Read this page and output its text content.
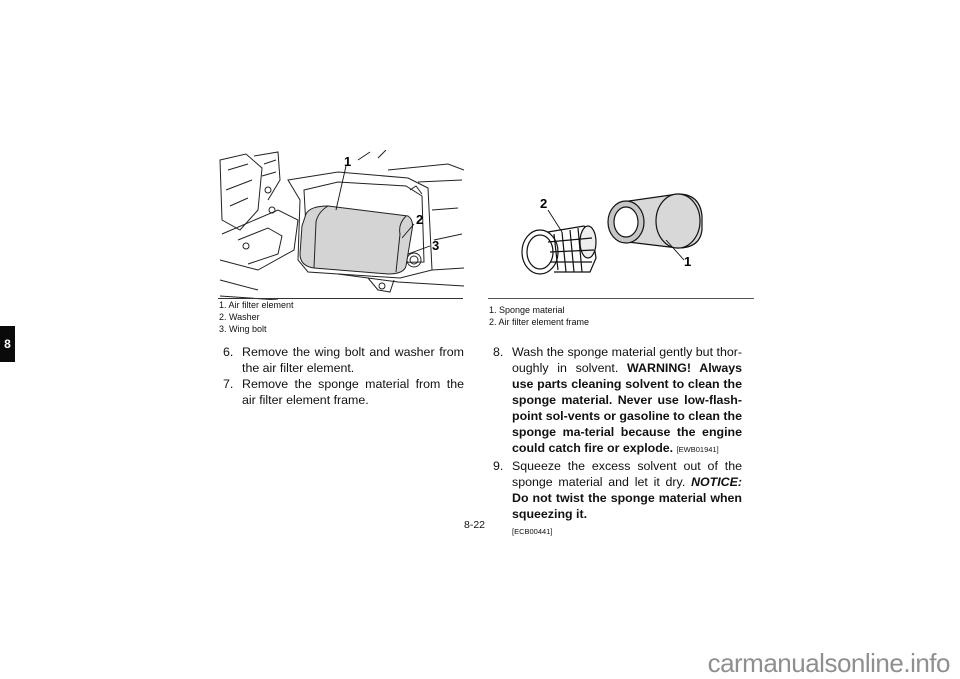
8
1
2
3
1. Air filter element
2. Washer
3. Wing bolt
2
1
1. Sponge material
2. Air filter element frame
6. Remove the wing bolt and washer from the air filter element.

7. Remove the sponge material from the air filter element frame.

8. Wash the sponge material gently but thor-oughly in solvent. WARNING! Always use parts cleaning solvent to clean the sponge material. Never use low-flash-point sol-vents or gasoline to clean the sponge ma-terial because the engine could catch fire or explode. [EWB01941]

9. Squeeze the excess solvent out of the sponge material and let it dry. NOTICE: Do not twist the sponge material when squeezing it.
[ECB00441]

8-22
carmanualsonline.info
